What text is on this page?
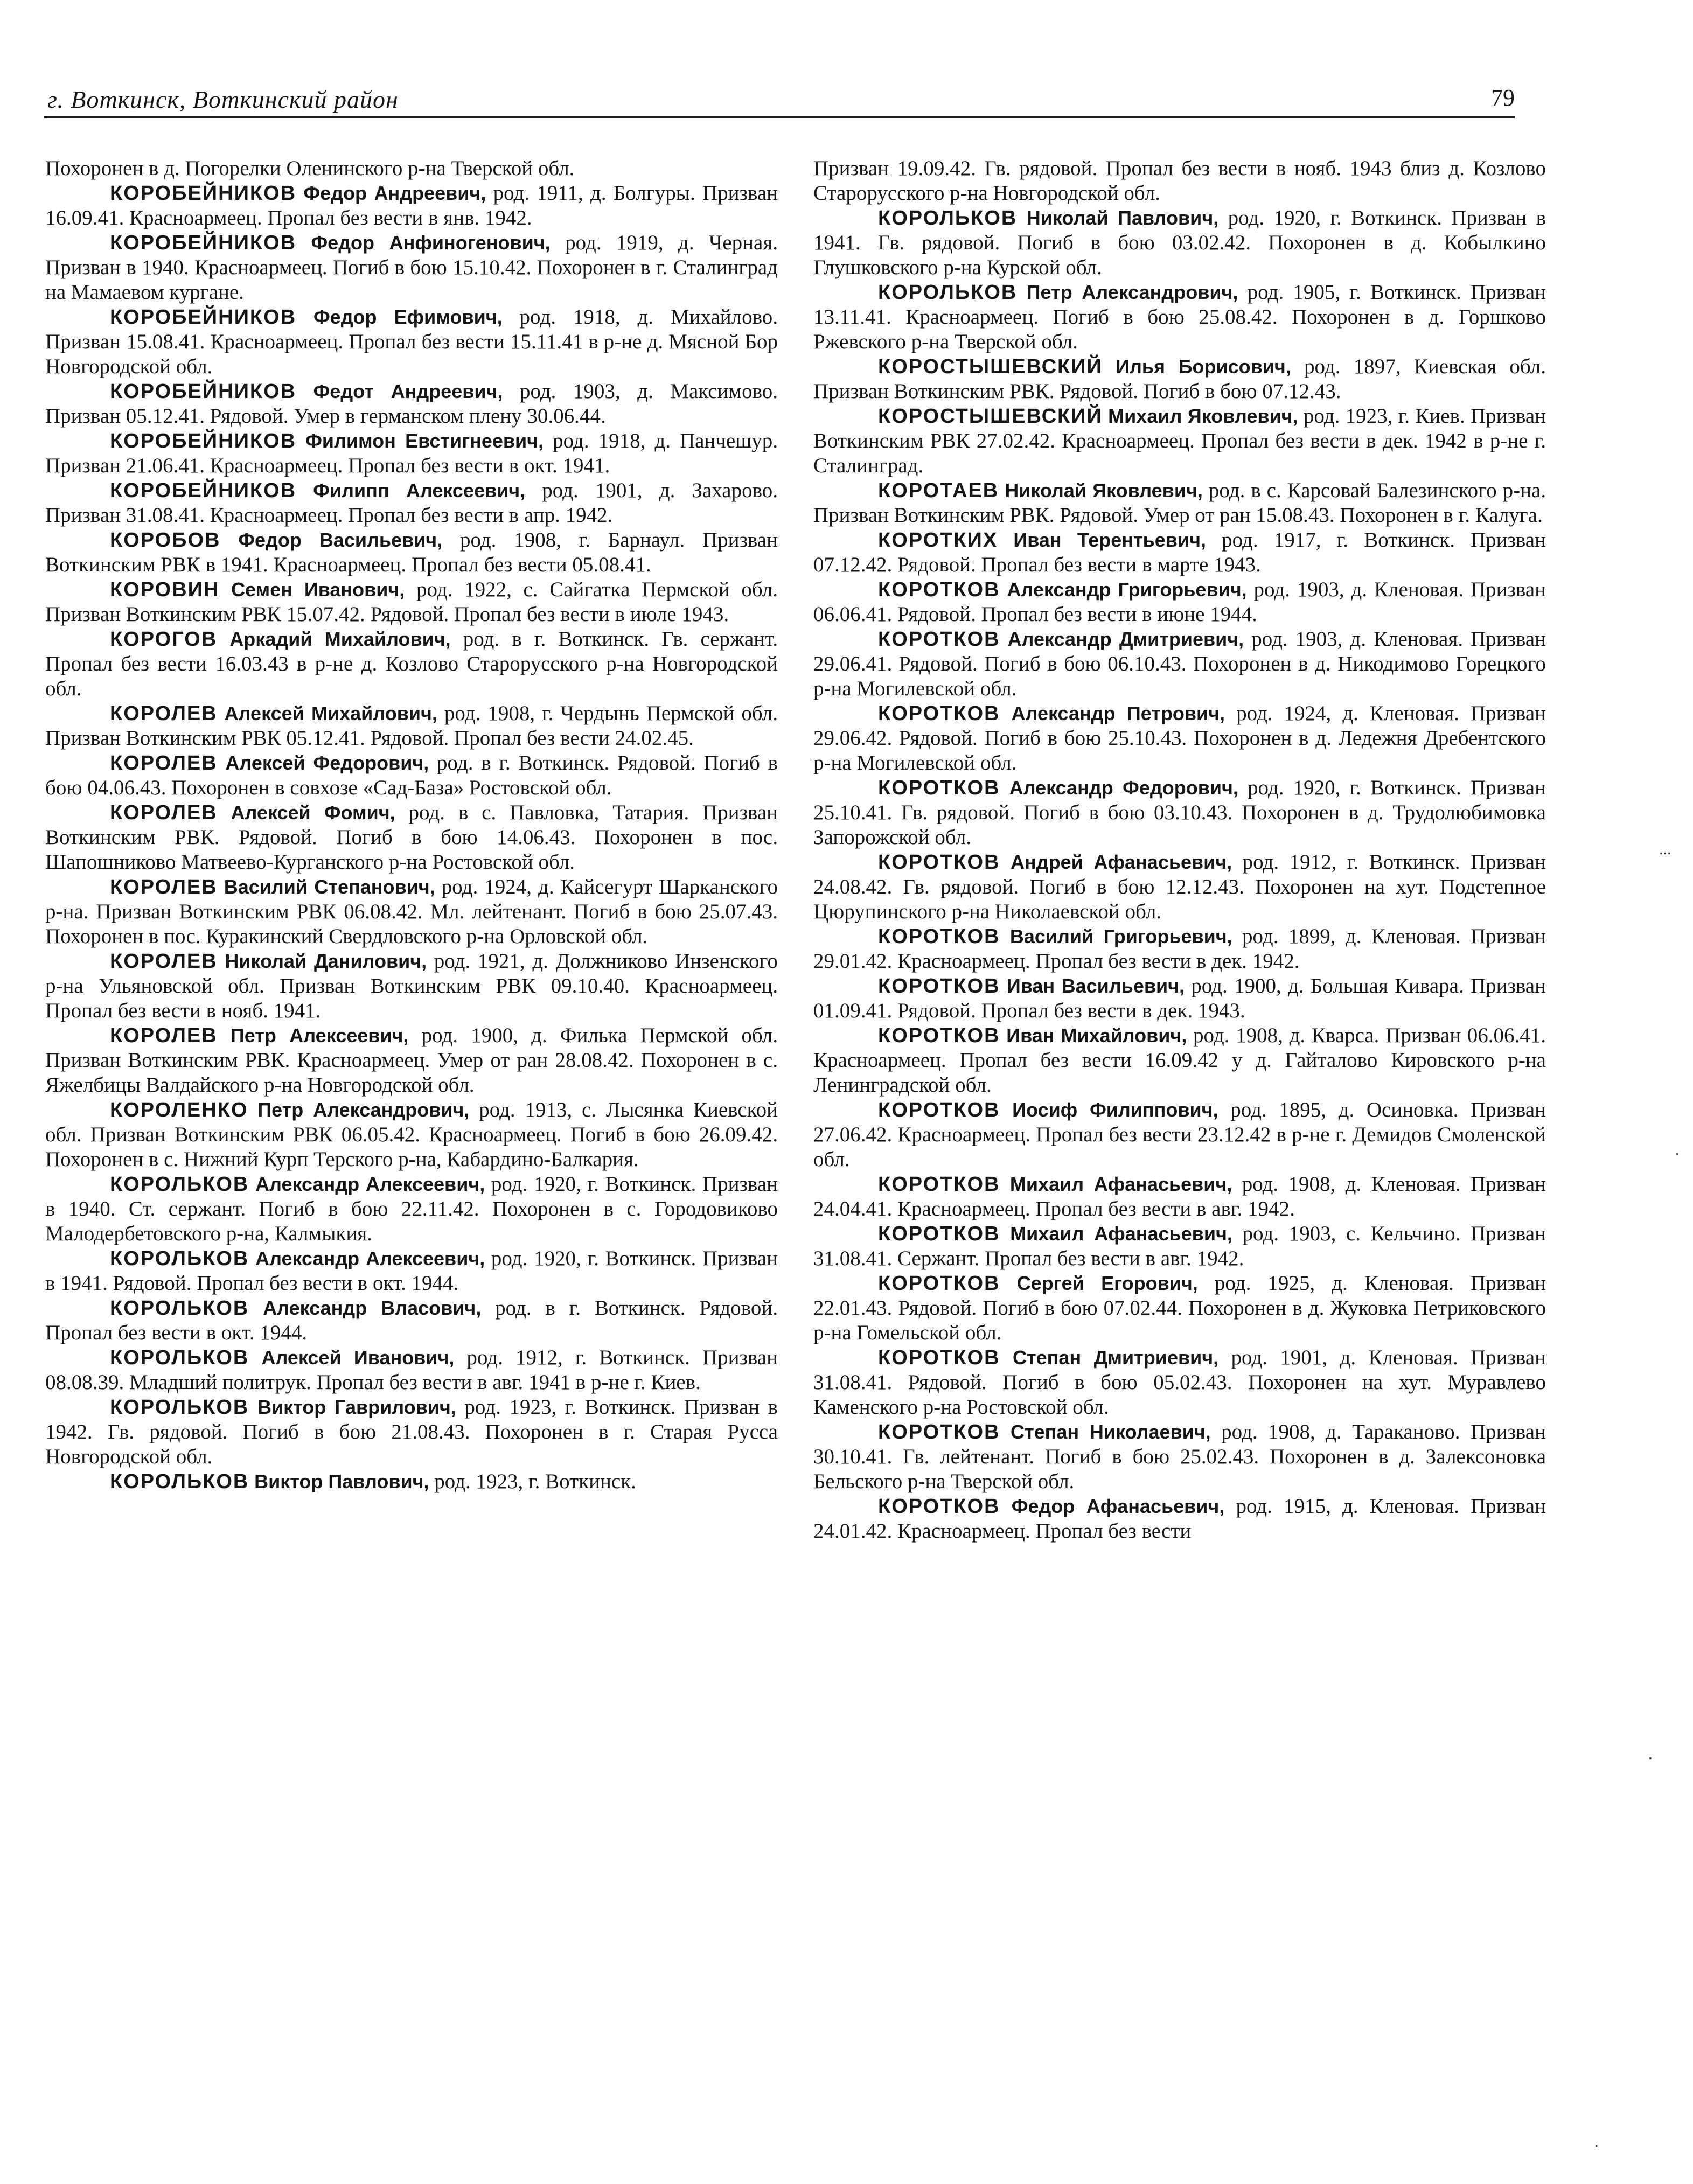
г. Воткинск, Воткинский район	79

Похоронен в д. Погорелки Оленинского р-на Тверской обл.

КОРОБЕЙНИКОВ Федор Андреевич, род. 1911, д. Болгуры. Призван 16.09.41. Красноармеец. Пропал без вести в янв. 1942.

КОРОБЕЙНИКОВ Федор Анфиногенович, род. 1919, д. Черная. Призван в 1940. Красноармеец. Погиб в бою 15.10.42. Похоронен в г. Сталинград на Мамаевом кургане.

КОРОБЕЙНИКОВ Федор Ефимович, род. 1918, д. Михайлово. Призван 15.08.41. Красноармеец. Пропал без вести 15.11.41 в р-не д. Мясной Бор Новгородской обл.

КОРОБЕЙНИКОВ Федот Андреевич, род. 1903, д. Максимово. Призван 05.12.41. Рядовой. Умер в германском плену 30.06.44.

КОРОБЕЙНИКОВ Филимон Евстигнеевич, род. 1918, д. Панчешур. Призван 21.06.41. Красноармеец. Пропал без вести в окт. 1941.

КОРОБЕЙНИКОВ Филипп Алексеевич, род. 1901, д. Захарово. Призван 31.08.41. Красноармеец. Пропал без вести в апр. 1942.

КОРОБОВ Федор Васильевич, род. 1908, г. Барнаул. Призван Воткинским РВК в 1941. Красноармеец. Пропал без вести 05.08.41.

КОРОВИН Семен Иванович, род. 1922, с. Сайгатка Пермской обл. Призван Воткинским РВК 15.07.42. Рядовой. Пропал без вести в июле 1943.

КОРОГОВ Аркадий Михайлович, род. в г. Воткинск. Гв. сержант. Пропал без вести 16.03.43 в р-не д. Козлово Старорусского р-на Новгородской обл.

КОРОЛЕВ Алексей Михайлович, род. 1908, г. Чердынь Пермской обл. Призван Воткинским РВК 05.12.41. Рядовой. Пропал без вести 24.02.45.

КОРОЛЕВ Алексей Федорович, род. в г. Воткинск. Рядовой. Погиб в бою 04.06.43. Похоронен в совхозе «Сад-База» Ростовской обл.

КОРОЛЕВ Алексей Фомич, род. в с. Павловка, Татария. Призван Воткинским РВК. Рядовой. Погиб в бою 14.06.43. Похоронен в пос. Шапошниково Матвеево-Курганского р-на Ростовской обл.

КОРОЛЕВ Василий Степанович, род. 1924, д. Кайсегурт Шарканского р-на. Призван Воткинским РВК 06.08.42. Мл. лейтенант. Погиб в бою 25.07.43. Похоронен в пос. Куракинский Свердловского р-на Орловской обл.

КОРОЛЕВ Николай Данилович, род. 1921, д. Должниково Инзенского р-на Ульяновской обл. Призван Воткинским РВК 09.10.40. Красноармеец. Пропал без вести в нояб. 1941.

КОРОЛЕВ Петр Алексеевич, род. 1900, д. Филька Пермской обл. Призван Воткинским РВК. Красноармеец. Умер от ран 28.08.42. Похоронен в с. Яжелбицы Валдайского р-на Новгородской обл.

КОРОЛЕНКО Петр Александрович, род. 1913, с. Лысянка Киевской обл. Призван Воткинским РВК 06.05.42. Красноармеец. Погиб в бою 26.09.42. Похоронен в с. Нижний Курп Терского р-на, Кабардино-Балкария.

КОРОЛЬКОВ Александр Алексеевич, род. 1920, г. Воткинск. Призван в 1940. Ст. сержант. Погиб в бою 22.11.42. Похоронен в с. Городовиково Малодербетовского р-на, Калмыкия.

КОРОЛЬКОВ Александр Алексеевич, род. 1920, г. Воткинск. Призван в 1941. Рядовой. Пропал без вести в окт. 1944.

КОРОЛЬКОВ Александр Власович, род. в г. Воткинск. Рядовой. Пропал без вести в окт. 1944.

КОРОЛЬКОВ Алексей Иванович, род. 1912, г. Воткинск. Призван 08.08.39. Младший политрук. Пропал без вести в авг. 1941 в р-не г. Киев.

КОРОЛЬКОВ Виктор Гаврилович, род. 1923, г. Воткинск. Призван в 1942. Гв. рядовой. Погиб в бою 21.08.43. Похоронен в г. Старая Русса Новгородской обл.

КОРОЛЬКОВ Виктор Павлович, род. 1923, г. Воткинск.

Призван 19.09.42. Гв. рядовой. Пропал без вести в нояб. 1943 близ д. Козлово Старорусского р-на Новгородской обл.

КОРОЛЬКОВ Николай Павлович, род. 1920, г. Воткинск. Призван в 1941. Гв. рядовой. Погиб в бою 03.02.42. Похоронен в д. Кобылкино Глушковского р-на Курской обл.

КОРОЛЬКОВ Петр Александрович, род. 1905, г. Воткинск. Призван 13.11.41. Красноармеец. Погиб в бою 25.08.42. Похоронен в д. Горшково Ржевского р-на Тверской обл.

КОРОСТЫШЕВСКИЙ Илья Борисович, род. 1897, Киевская обл. Призван Воткинским РВК. Рядовой. Погиб в бою 07.12.43.

КОРОСТЫШЕВСКИЙ Михаил Яковлевич, род. 1923, г. Киев. Призван Воткинским РВК 27.02.42. Красноармеец. Пропал без вести в дек. 1942 в р-не г. Сталинград.

КОРОТАЕВ Николай Яковлевич, род. в с. Карсовай Балезинского р-на. Призван Воткинским РВК. Рядовой. Умер от ран 15.08.43. Похоронен в г. Калуга.

КОРОТКИХ Иван Терентьевич, род. 1917, г. Воткинск. Призван 07.12.42. Рядовой. Пропал без вести в марте 1943.

КОРОТКОВ Александр Григорьевич, род. 1903, д. Кленовая. Призван 06.06.41. Рядовой. Пропал без вести в июне 1944.

КОРОТКОВ Александр Дмитриевич, род. 1903, д. Кленовая. Призван 29.06.41. Рядовой. Погиб в бою 06.10.43. Похоронен в д. Никодимово Горецкого р-на Могилевской обл.

КОРОТКОВ Александр Петрович, род. 1924, д. Кленовая. Призван 29.06.42. Рядовой. Погиб в бою 25.10.43. Похоронен в д. Ледежня Дребентского р-на Могилевской обл.

КОРОТКОВ Александр Федорович, род. 1920, г. Воткинск. Призван 25.10.41. Гв. рядовой. Погиб в бою 03.10.43. Похоронен в д. Трудолюбимовка Запорожской обл.

КОРОТКОВ Андрей Афанасьевич, род. 1912, г. Воткинск. Призван 24.08.42. Гв. рядовой. Погиб в бою 12.12.43. Похоронен на хут. Подстепное Цюрупинского р-на Николаевской обл.

КОРОТКОВ Василий Григорьевич, род. 1899, д. Кленовая. Призван 29.01.42. Красноармеец. Пропал без вести в дек. 1942.

КОРОТКОВ Иван Васильевич, род. 1900, д. Большая Кивара. Призван 01.09.41. Рядовой. Пропал без вести в дек. 1943.

КОРОТКОВ Иван Михайлович, род. 1908, д. Кварса. Призван 06.06.41. Красноармеец. Пропал без вести 16.09.42 у д. Гайталово Кировского р-на Ленинградской обл.

КОРОТКОВ Иосиф Филиппович, род. 1895, д. Осиновка. Призван 27.06.42. Красноармеец. Пропал без вести 23.12.42 в р-не г. Демидов Смоленской обл.

КОРОТКОВ Михаил Афанасьевич, род. 1908, д. Кленовая. Призван 24.04.41. Красноармеец. Пропал без вести в авг. 1942.

КОРОТКОВ Михаил Афанасьевич, род. 1903, с. Кельчино. Призван 31.08.41. Сержант. Пропал без вести в авг. 1942.

КОРОТКОВ Сергей Егорович, род. 1925, д. Кленовая. Призван 22.01.43. Рядовой. Погиб в бою 07.02.44. Похоронен в д. Жуковка Петриковского р-на Гомельской обл.

КОРОТКОВ Степан Дмитриевич, род. 1901, д. Кленовая. Призван 31.08.41. Рядовой. Погиб в бою 05.02.43. Похоронен на хут. Муравлево Каменского р-на Ростовской обл.

КОРОТКОВ Степан Николаевич, род. 1908, д. Тараканово. Призван 30.10.41. Гв. лейтенант. Погиб в бою 25.02.43. Похоронен в д. Залексоновка Бельского р-на Тверской обл.

КОРОТКОВ Федор Афанасьевич, род. 1915, д. Кленовая. Призван 24.01.42. Красноармеец. Пропал без вести

...
.
.
.
